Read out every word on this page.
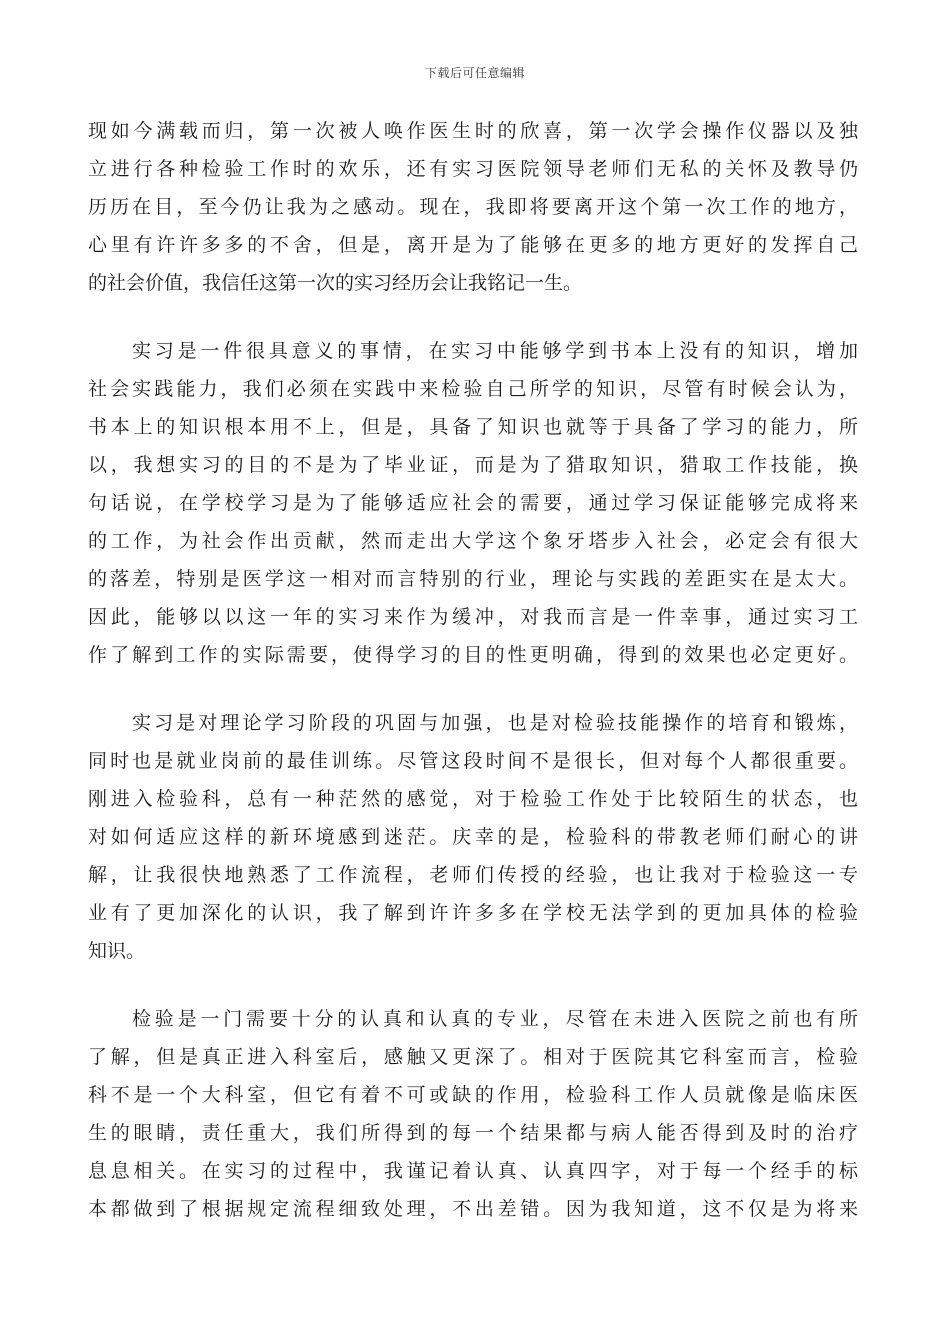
下载后可任意编辑
现如今满载而归，第一次被人唤作医生时的欣喜，第一次学会操作仪器以及独
立进行各种检验工作时的欢乐，还有实习医院领导老师们无私的关怀及教导仍
历历在目，至今仍让我为之感动。现在，我即将要离开这个第一次工作的地方，
心里有许许多多的不舍，但是，离开是为了能够在更多的地方更好的发挥自己
的社会价值，我信任这第一次的实习经历会让我铭记一生。
实习是一件很具意义的事情，在实习中能够学到书本上没有的知识，增加
社会实践能力，我们必须在实践中来检验自己所学的知识，尽管有时候会认为，
书本上的知识根本用不上，但是，具备了知识也就等于具备了学习的能力，所
以，我想实习的目的不是为了毕业证，而是为了猎取知识，猎取工作技能，换
句话说，在学校学习是为了能够适应社会的需要，通过学习保证能够完成将来
的工作，为社会作出贡献，然而走出大学这个象牙塔步入社会，必定会有很大
的落差，特别是医学这一相对而言特别的行业，理论与实践的差距实在是太大。
因此，能够以以这一年的实习来作为缓冲，对我而言是一件幸事，通过实习工
作了解到工作的实际需要，使得学习的目的性更明确，得到的效果也必定更好。
实习是对理论学习阶段的巩固与加强，也是对检验技能操作的培育和锻炼，
同时也是就业岗前的最佳训练。尽管这段时间不是很长，但对每个人都很重要。
刚进入检验科，总有一种茫然的感觉，对于检验工作处于比较陌生的状态，也
对如何适应这样的新环境感到迷茫。庆幸的是，检验科的带教老师们耐心的讲
解，让我很快地熟悉了工作流程，老师们传授的经验，也让我对于检验这一专
业有了更加深化的认识，我了解到许许多多在学校无法学到的更加具体的检验
知识。
检验是一门需要十分的认真和认真的专业，尽管在未进入医院之前也有所
了解，但是真正进入科室后，感触又更深了。相对于医院其它科室而言，检验
科不是一个大科室，但它有着不可或缺的作用，检验科工作人员就像是临床医
生的眼睛，责任重大，我们所得到的每一个结果都与病人能否得到及时的治疗
息息相关。在实习的过程中，我谨记着认真、认真四字，对于每一个经手的标
本都做到了根据规定流程细致处理，不出差错。因为我知道，这不仅是为将来
